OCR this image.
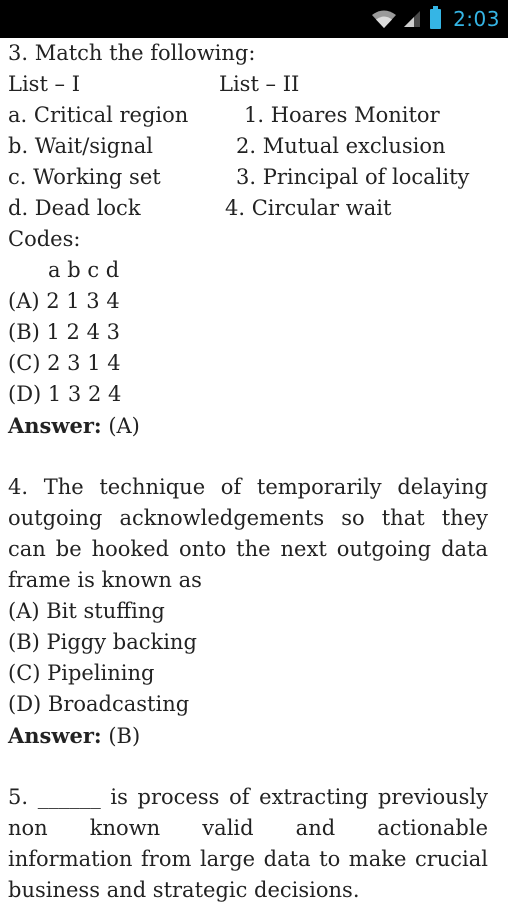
2:03
3. Match the following:
List – I	List – II
a. Critical region	1. Hoares Monitor
b. Wait/signal	2. Mutual exclusion
c. Working set	3. Principal of locality
d. Dead lock	4. Circular wait
Codes:
a b c d
(A) 2 1 3 4
(B) 1 2 4 3
(C) 2 3 1 4
(D) 1 3 2 4
Answer: (A)
4. The technique of temporarily delaying
outgoing acknowledgements so that they
can be hooked onto the next outgoing data
frame is known as
(A) Bit stuffing
(B) Piggy backing
(C) Pipelining
(D) Broadcasting
Answer: (B)
5. ______ is process of extracting previously
non known valid and actionable
information from large data to make crucial
business and strategic decisions.
